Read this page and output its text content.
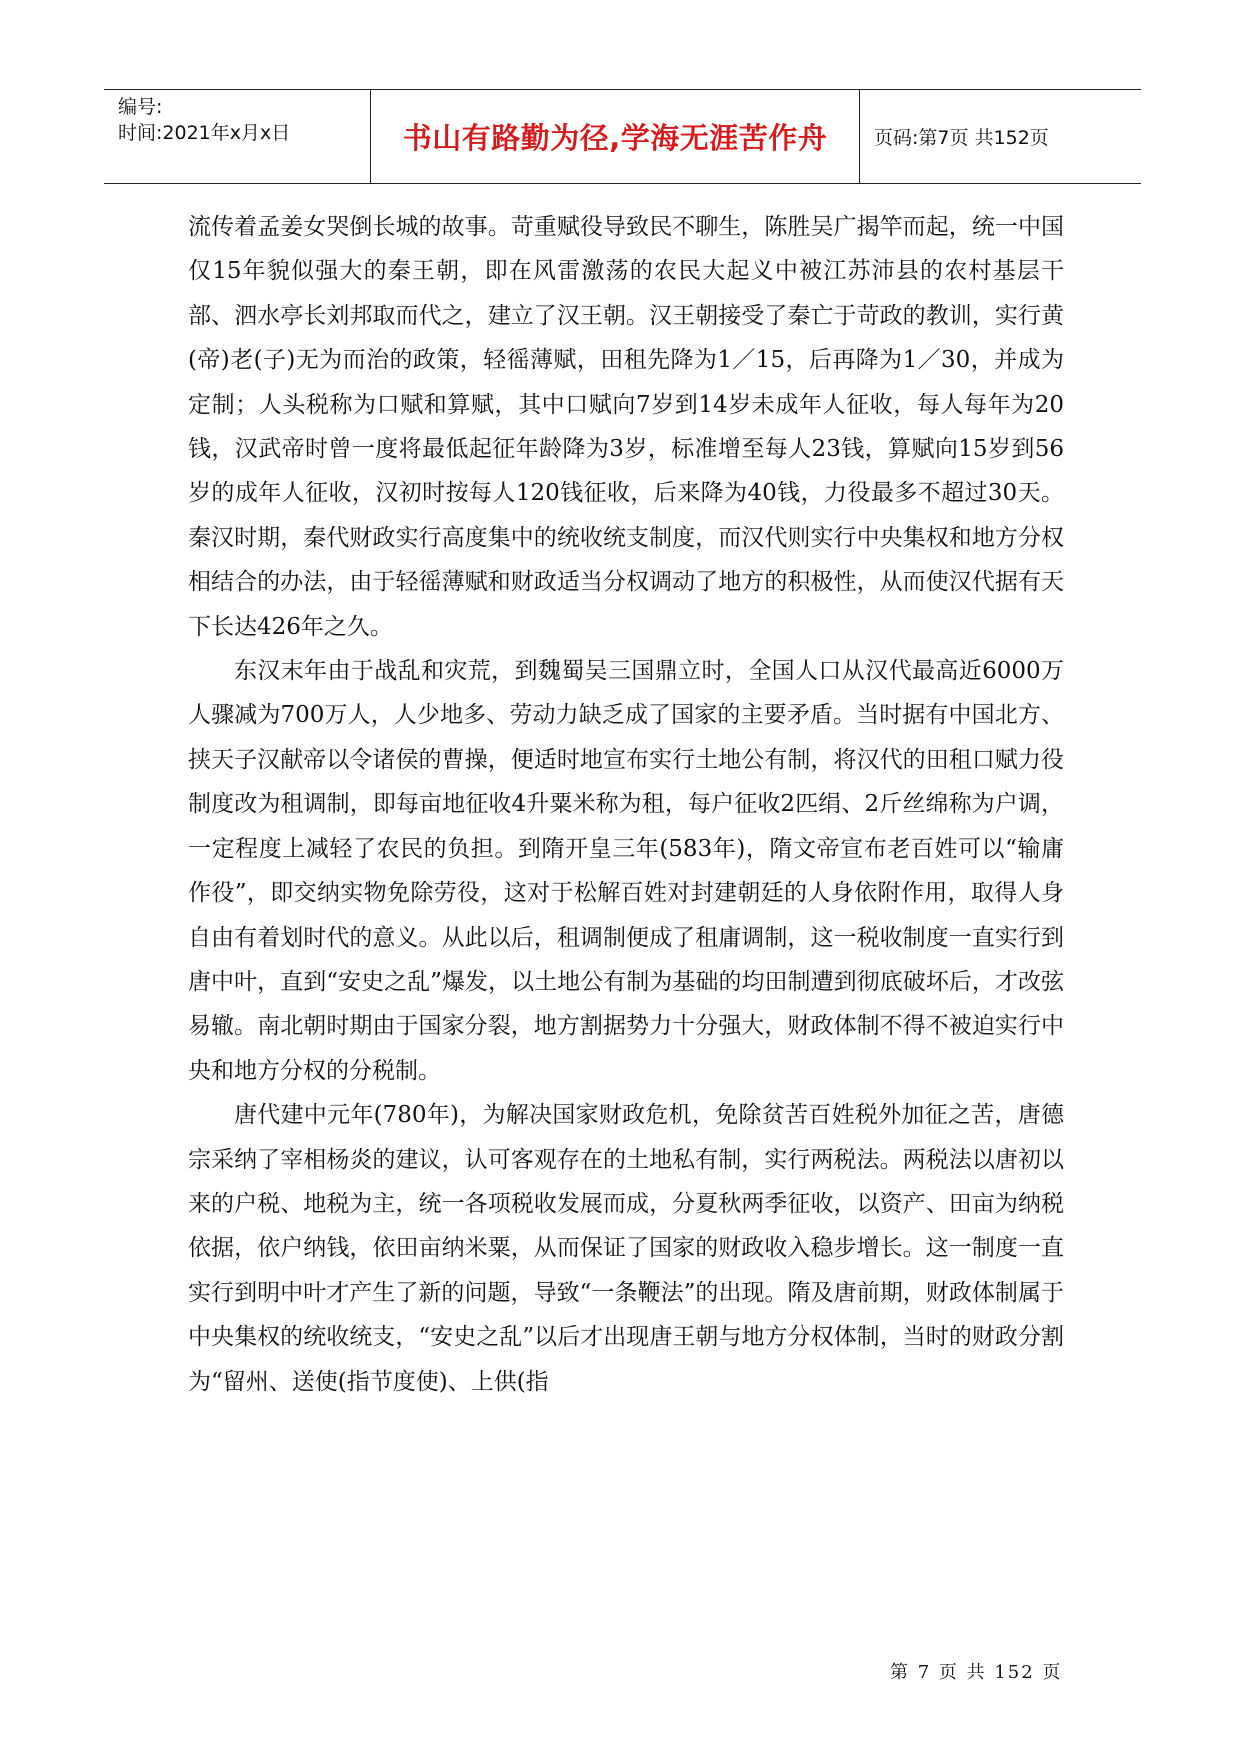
编号:
时间:2021年x月x日	书山有路勤为径,学海无涯苦作舟	页码:第7页 共152页

流传着孟姜女哭倒长城的故事。苛重赋役导致民不聊生，陈胜吴广揭竿而起，统一中国仅15年貌似强大的秦王朝，即在风雷激荡的农民大起义中被江苏沛县的农村基层干部、泗水亭长刘邦取而代之，建立了汉王朝。汉王朝接受了秦亡于苛政的教训，实行黄(帝)老(子)无为而治的政策，轻徭薄赋，田租先降为1／15，后再降为1／30，并成为定制；人头税称为口赋和算赋，其中口赋向7岁到14岁未成年人征收，每人每年为20钱，汉武帝时曾一度将最低起征年龄降为3岁，标准增至每人23钱，算赋向15岁到56岁的成年人征收，汉初时按每人120钱征收，后来降为40钱，力役最多不超过30天。秦汉时期，秦代财政实行高度集中的统收统支制度，而汉代则实行中央集权和地方分权相结合的办法，由于轻徭薄赋和财政适当分权调动了地方的积极性，从而使汉代据有天下长达426年之久。

东汉末年由于战乱和灾荒，到魏蜀吴三国鼎立时，全国人口从汉代最高近6000万人骤减为700万人，人少地多、劳动力缺乏成了国家的主要矛盾。当时据有中国北方、挟天子汉献帝以令诸侯的曹操，便适时地宣布实行土地公有制，将汉代的田租口赋力役制度改为租调制，即每亩地征收4升粟米称为租，每户征收2匹绢、2斤丝绵称为户调，一定程度上减轻了农民的负担。到隋开皇三年(583年)，隋文帝宣布老百姓可以“输庸作役”，即交纳实物免除劳役，这对于松解百姓对封建朝廷的人身依附作用，取得人身自由有着划时代的意义。从此以后，租调制便成了租庸调制，这一税收制度一直实行到唐中叶，直到“安史之乱”爆发，以土地公有制为基础的均田制遭到彻底破坏后，才改弦易辙。南北朝时期由于国家分裂，地方割据势力十分强大，财政体制不得不被迫实行中央和地方分权的分税制。

唐代建中元年(780年)，为解决国家财政危机，免除贫苦百姓税外加征之苦，唐德宗采纳了宰相杨炎的建议，认可客观存在的土地私有制，实行两税法。两税法以唐初以来的户税、地税为主，统一各项税收发展而成，分夏秋两季征收，以资产、田亩为纳税依据，依户纳钱，依田亩纳米粟，从而保证了国家的财政收入稳步增长。这一制度一直实行到明中叶才产生了新的问题，导致“一条鞭法”的出现。隋及唐前期，财政体制属于中央集权的统收统支，“安史之乱”以后才出现唐王朝与地方分权体制，当时的财政分割为“留州、送使(指节度使)、上供(指

第 7 页 共 152 页
